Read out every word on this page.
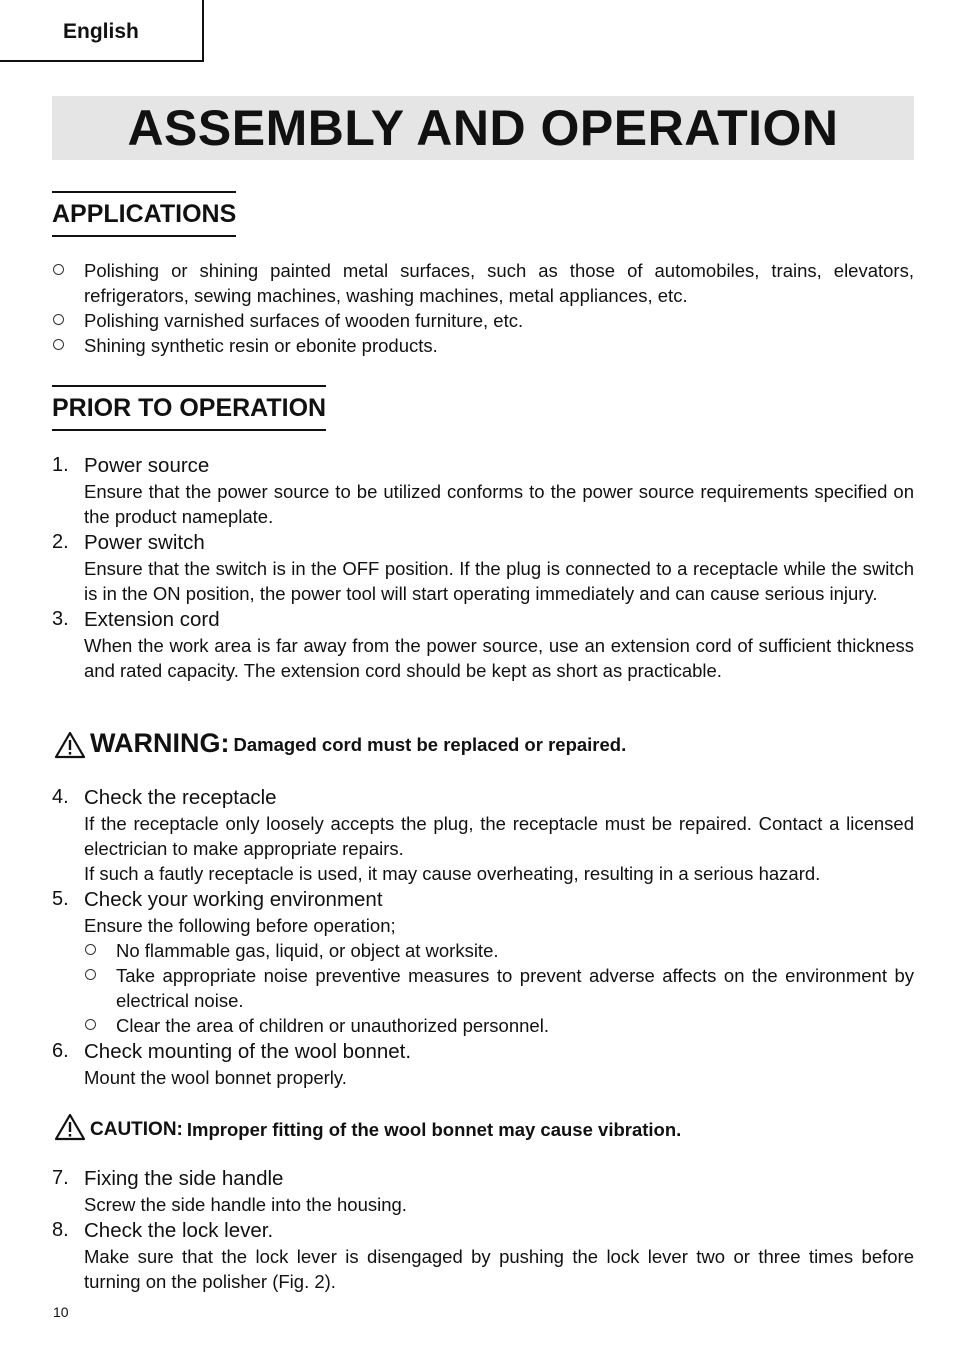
English
ASSEMBLY AND OPERATION
APPLICATIONS
Polishing or shining painted metal surfaces, such as those of automobiles, trains, elevators, refrigerators, sewing machines, washing machines, metal appliances, etc.
Polishing varnished surfaces of wooden furniture, etc.
Shining synthetic resin or ebonite products.
PRIOR TO OPERATION
1. Power source
Ensure that the power source to be utilized conforms to the power source requirements specified on the product nameplate.
2. Power switch
Ensure that the switch is in the OFF position. If the plug is connected to a receptacle while the switch is in the ON position, the power tool will start operating immediately and can cause serious injury.
3. Extension cord
When the work area is far away from the power source, use an extension cord of sufficient thickness and rated capacity. The extension cord should be kept as short as practicable.
WARNING: Damaged cord must be replaced or repaired.
4. Check the receptacle
If the receptacle only loosely accepts the plug, the receptacle must be repaired. Contact a licensed electrician to make appropriate repairs.
If such a fautly receptacle is used, it may cause overheating, resulting in a serious hazard.
5. Check your working environment
Ensure the following before operation;
No flammable gas, liquid, or object at worksite.
Take appropriate noise preventive measures to prevent adverse affects on the environment by electrical noise.
Clear the area of children or unauthorized personnel.
6. Check mounting of the wool bonnet.
Mount the wool bonnet properly.
CAUTION: Improper fitting of the wool bonnet may cause vibration.
7. Fixing the side handle
Screw the side handle into the housing.
8. Check the lock lever.
Make sure that the lock lever is disengaged by pushing the lock lever two or three times before turning on the polisher (Fig. 2).
10
